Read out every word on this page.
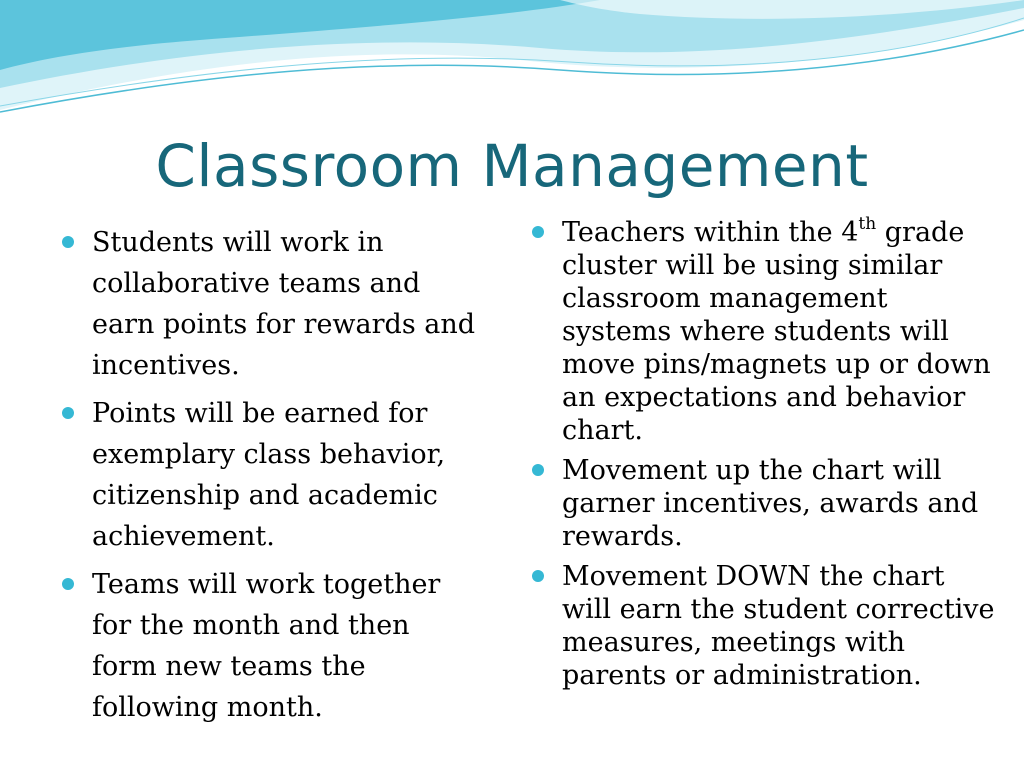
Classroom Management
Students will work in collaborative teams and earn points for rewards and incentives.
Points will be earned for exemplary class behavior, citizenship and academic achievement.
Teams will work together for the month and then form new teams the following month.
Teachers within the 4th grade cluster will be using similar classroom management systems where students will move pins/magnets up or down an expectations and behavior chart.
Movement up the chart will garner incentives, awards and rewards.
Movement DOWN the chart will earn the student corrective measures, meetings with parents or administration.
